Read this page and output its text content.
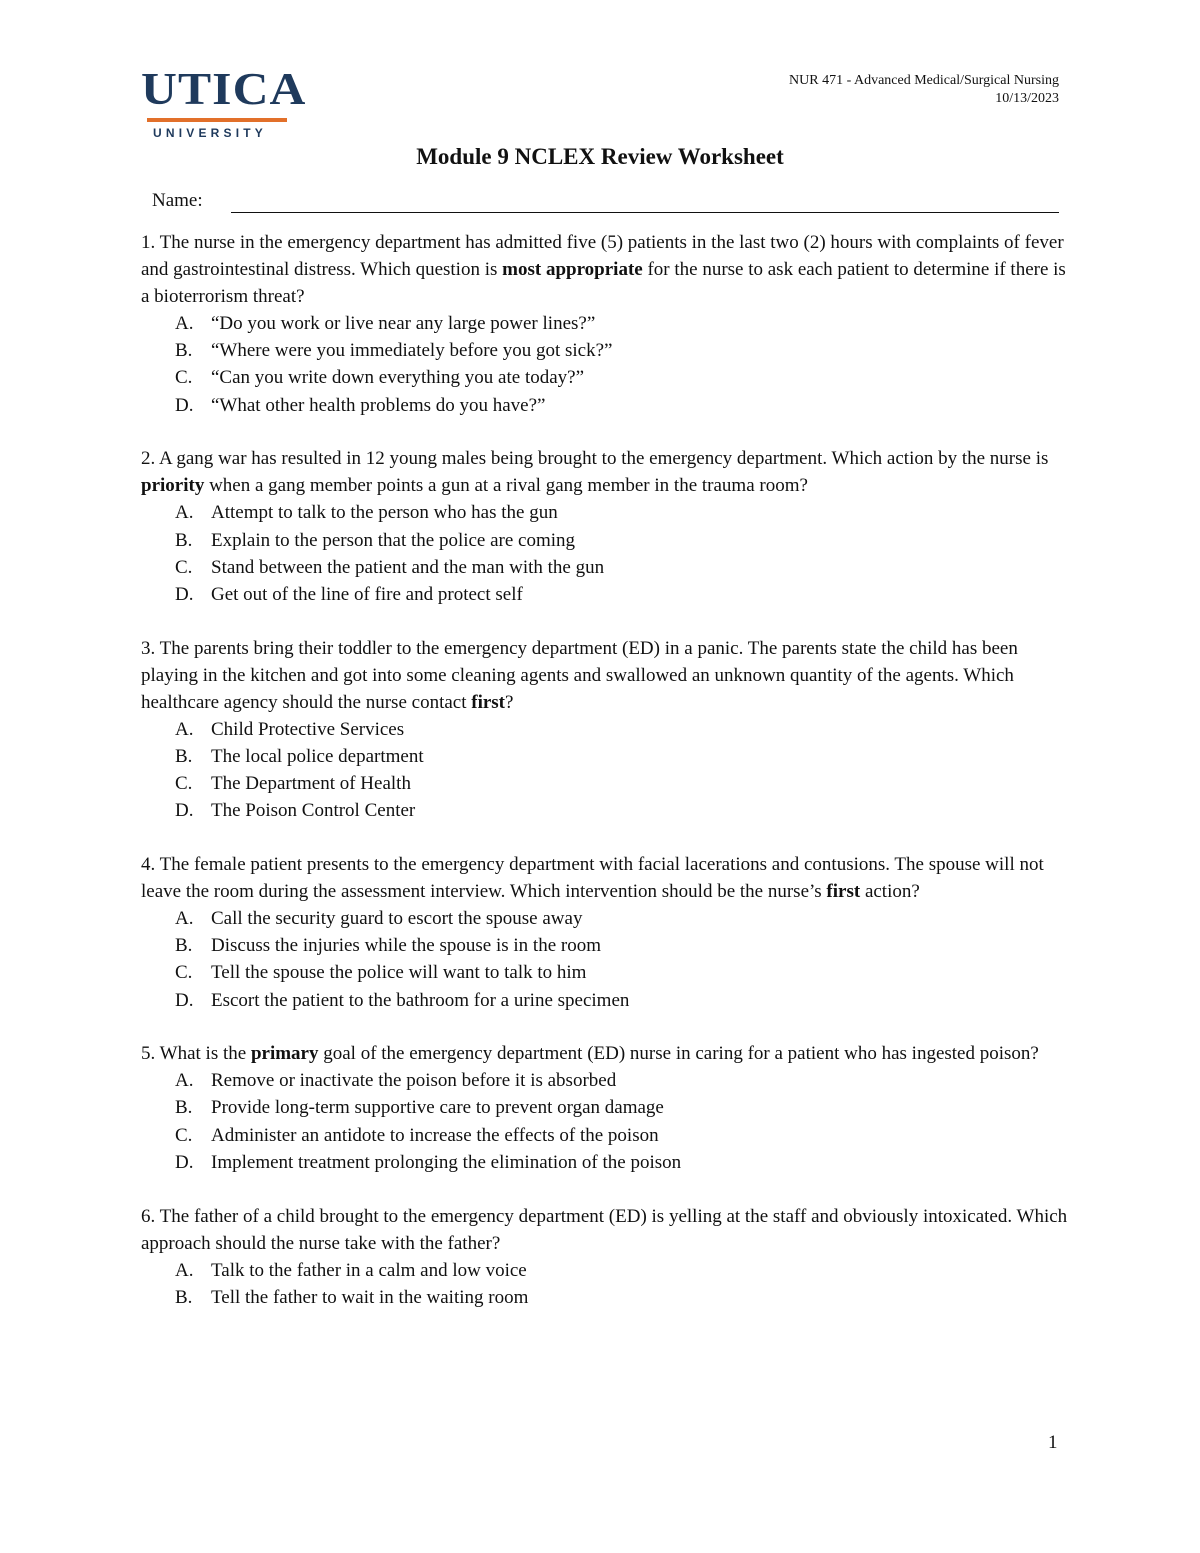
UTICA
UNIVERSITY
NUR 471 - Advanced Medical/Surgical Nursing
10/13/2023
Module 9 NCLEX Review Worksheet
Name:

1. The nurse in the emergency department has admitted five (5) patients in the last two (2) hours with complaints of fever and gastrointestinal distress. Which question is most appropriate for the nurse to ask each patient to determine if there is a bioterrorism threat?

A. “Do you work or live near any large power lines?”
B. “Where were you immediately before you got sick?”
C. “Can you write down everything you ate today?”
D. “What other health problems do you have?”

2. A gang war has resulted in 12 young males being brought to the emergency department. Which action by the nurse is priority when a gang member points a gun at a rival gang member in the trauma room?

A. Attempt to talk to the person who has the gun
B. Explain to the person that the police are coming
C. Stand between the patient and the man with the gun
D. Get out of the line of fire and protect self

3. The parents bring their toddler to the emergency department (ED) in a panic. The parents state the child has been playing in the kitchen and got into some cleaning agents and swallowed an unknown quantity of the agents. Which healthcare agency should the nurse contact first?

A. Child Protective Services
B. The local police department
C. The Department of Health
D. The Poison Control Center

4. The female patient presents to the emergency department with facial lacerations and contusions. The spouse will not leave the room during the assessment interview. Which intervention should be the nurse’s first action?

A. Call the security guard to escort the spouse away
B. Discuss the injuries while the spouse is in the room
C. Tell the spouse the police will want to talk to him
D. Escort the patient to the bathroom for a urine specimen

5. What is the primary goal of the emergency department (ED) nurse in caring for a patient who has ingested poison?

A. Remove or inactivate the poison before it is absorbed
B. Provide long-term supportive care to prevent organ damage
C. Administer an antidote to increase the effects of the poison
D. Implement treatment prolonging the elimination of the poison

6. The father of a child brought to the emergency department (ED) is yelling at the staff and obviously intoxicated. Which approach should the nurse take with the father?

A. Talk to the father in a calm and low voice
B. Tell the father to wait in the waiting room
1
